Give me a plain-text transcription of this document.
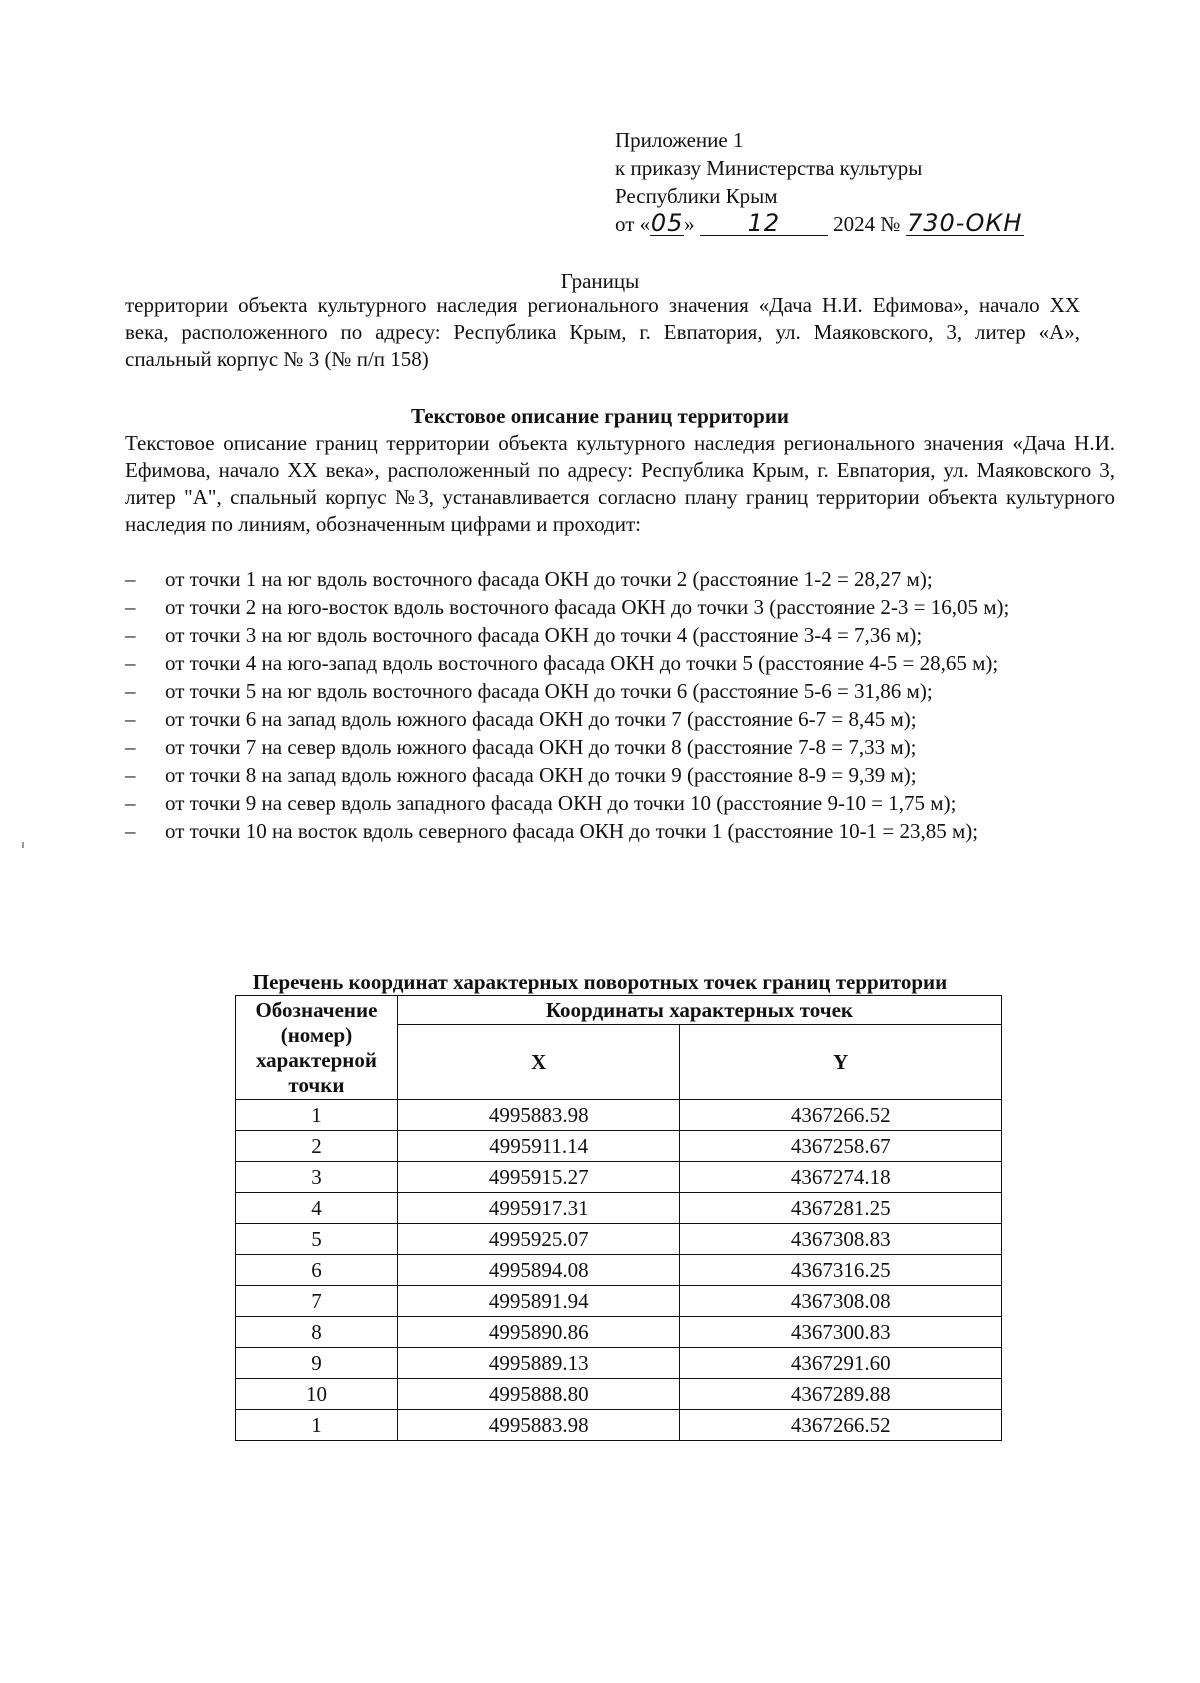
Приложение 1
к приказу Министерства культуры
Республики Крым
от «05» 12	2024 № 730-ОКН
Границы
территории объекта культурного наследия регионального значения «Дача Н.И. Ефимова», начало XX века, расположенного по адресу: Республика Крым, г. Евпатория, ул. Маяковского, 3, литер «А», спальный корпус № 3 (№ п/п 158)
Текстовое описание границ территории
Текстовое описание границ территории объекта культурного наследия регионального значения «Дача Н.И. Ефимова, начало XX века», расположенный по адресу: Республика Крым, г. Евпатория, ул. Маяковского 3, литер "А", спальный корпус №3, устанавливается согласно плану границ территории объекта культурного наследия по линиям, обозначенным цифрами и проходит:
– от точки 1 на юг вдоль восточного фасада ОКН до точки 2 (расстояние 1-2 = 28,27 м);
– от точки 2 на юго-восток вдоль восточного фасада ОКН до точки 3 (расстояние 2-3 = 16,05 м);
– от точки 3 на юг вдоль восточного фасада ОКН до точки 4 (расстояние 3-4 = 7,36 м);
– от точки 4 на юго-запад вдоль восточного фасада ОКН до точки 5 (расстояние 4-5 = 28,65 м);
– от точки 5 на юг вдоль восточного фасада ОКН до точки 6 (расстояние 5-6 = 31,86 м);
– от точки 6 на запад вдоль южного фасада ОКН до точки 7 (расстояние 6-7 = 8,45 м);
– от точки 7 на север вдоль южного фасада ОКН до точки 8 (расстояние 7-8 = 7,33 м);
– от точки 8 на запад вдоль южного фасада ОКН до точки 9 (расстояние 8-9 = 9,39 м);
– от точки 9 на север вдоль западного фасада ОКН до точки 10 (расстояние 9-10 = 1,75 м);
– от точки 10 на восток вдоль северного фасада ОКН до точки 1 (расстояние 10-1 = 23,85 м);
Перечень координат характерных поворотных точек границ территории
Обозначение (номер) характерной точки	Координаты характерных точек	
	X	Y
1	4995883.98	4367266.52
2	4995911.14	4367258.67
3	4995915.27	4367274.18
4	4995917.31	4367281.25
5	4995925.07	4367308.83
6	4995894.08	4367316.25
7	4995891.94	4367308.08
8	4995890.86	4367300.83
9	4995889.13	4367291.60
10	4995888.80	4367289.88
1	4995883.98	4367266.52
